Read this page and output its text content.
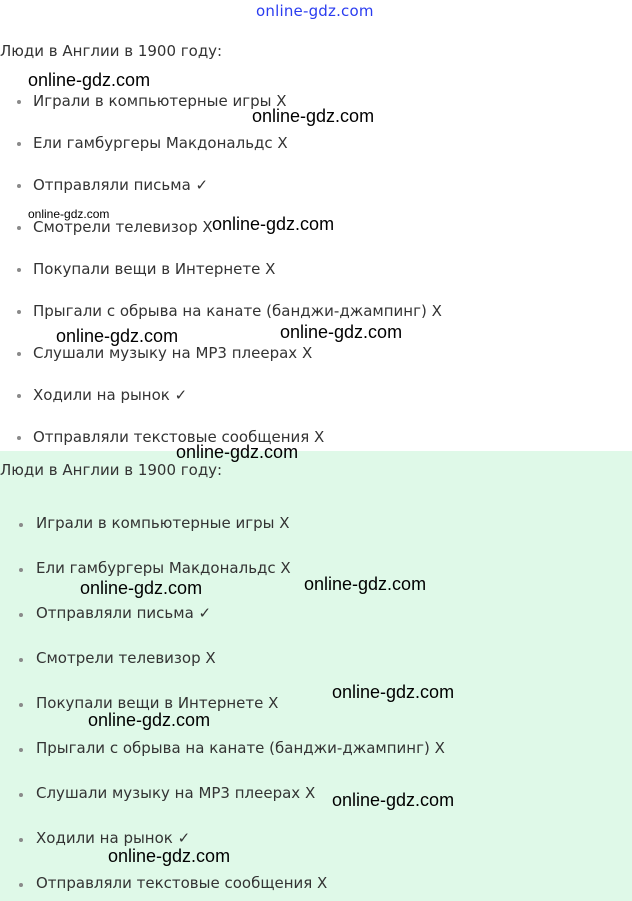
Люди в Англии в 1900 году:
Играли в компьютерные игры X
Ели гамбургеры Макдональдс X
Отправляли письма ✓
Смотрели телевизор X
Покупали вещи в Интернете X
Прыгали с обрыва на канате (банджи-джампинг) X
Слушали музыку на MP3 плеерах X
Ходили на рынок ✓
Отправляли текстовые сообщения X
Люди в Англии в 1900 году:
Играли в компьютерные игры X
Ели гамбургеры Макдональдс X
Отправляли письма ✓
Смотрели телевизор X
Покупали вещи в Интернете X
Прыгали с обрыва на канате (банджи-джампинг) X
Слушали музыку на MP3 плеерах X
Ходили на рынок ✓
Отправляли текстовые сообщения X
online-gdz.com
online-gdz.com
online-gdz.com
online-gdz.com	online-gdz.com
online-gdz.com	online-gdz.com
online-gdz.com
online-gdz.com	online-gdz.com
online-gdz.com
online-gdz.com
online-gdz.com
online-gdz.com
